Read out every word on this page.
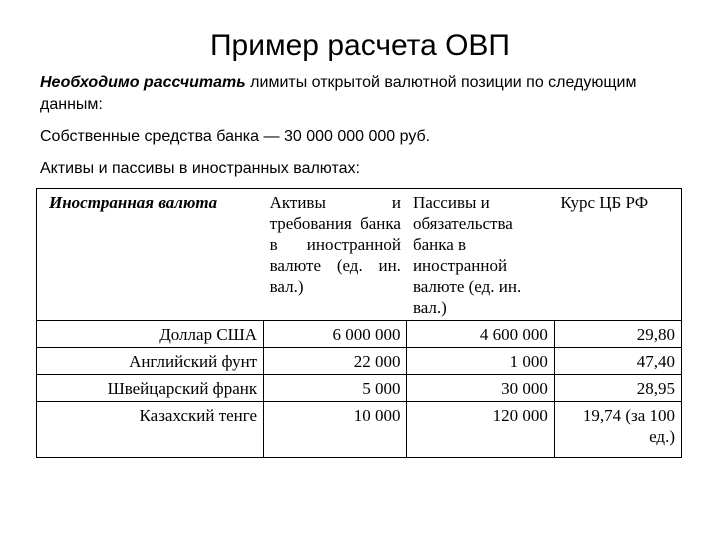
Пример расчета ОВП
Необходимо рассчитать лимиты открытой валютной позиции по следующим данным:
Собственные средства банка — 30 000 000 000 руб.
Активы и пассивы в иностранных валютах:
Иностранная валюта	Активы и требования банка в иностранной валюте (ед. ин. вал.)	Пассивы и обязательства банка в иностранной валюте (ед. ин. вал.)	Курс ЦБ РФ
Доллар США	6 000 000	4 600 000	29,80
Английский фунт	22 000	1 000	47,40
Швейцарский франк	5 000	30 000	28,95
Казахский тенге	10 000	120 000	19,74 (за 100 ед.)
